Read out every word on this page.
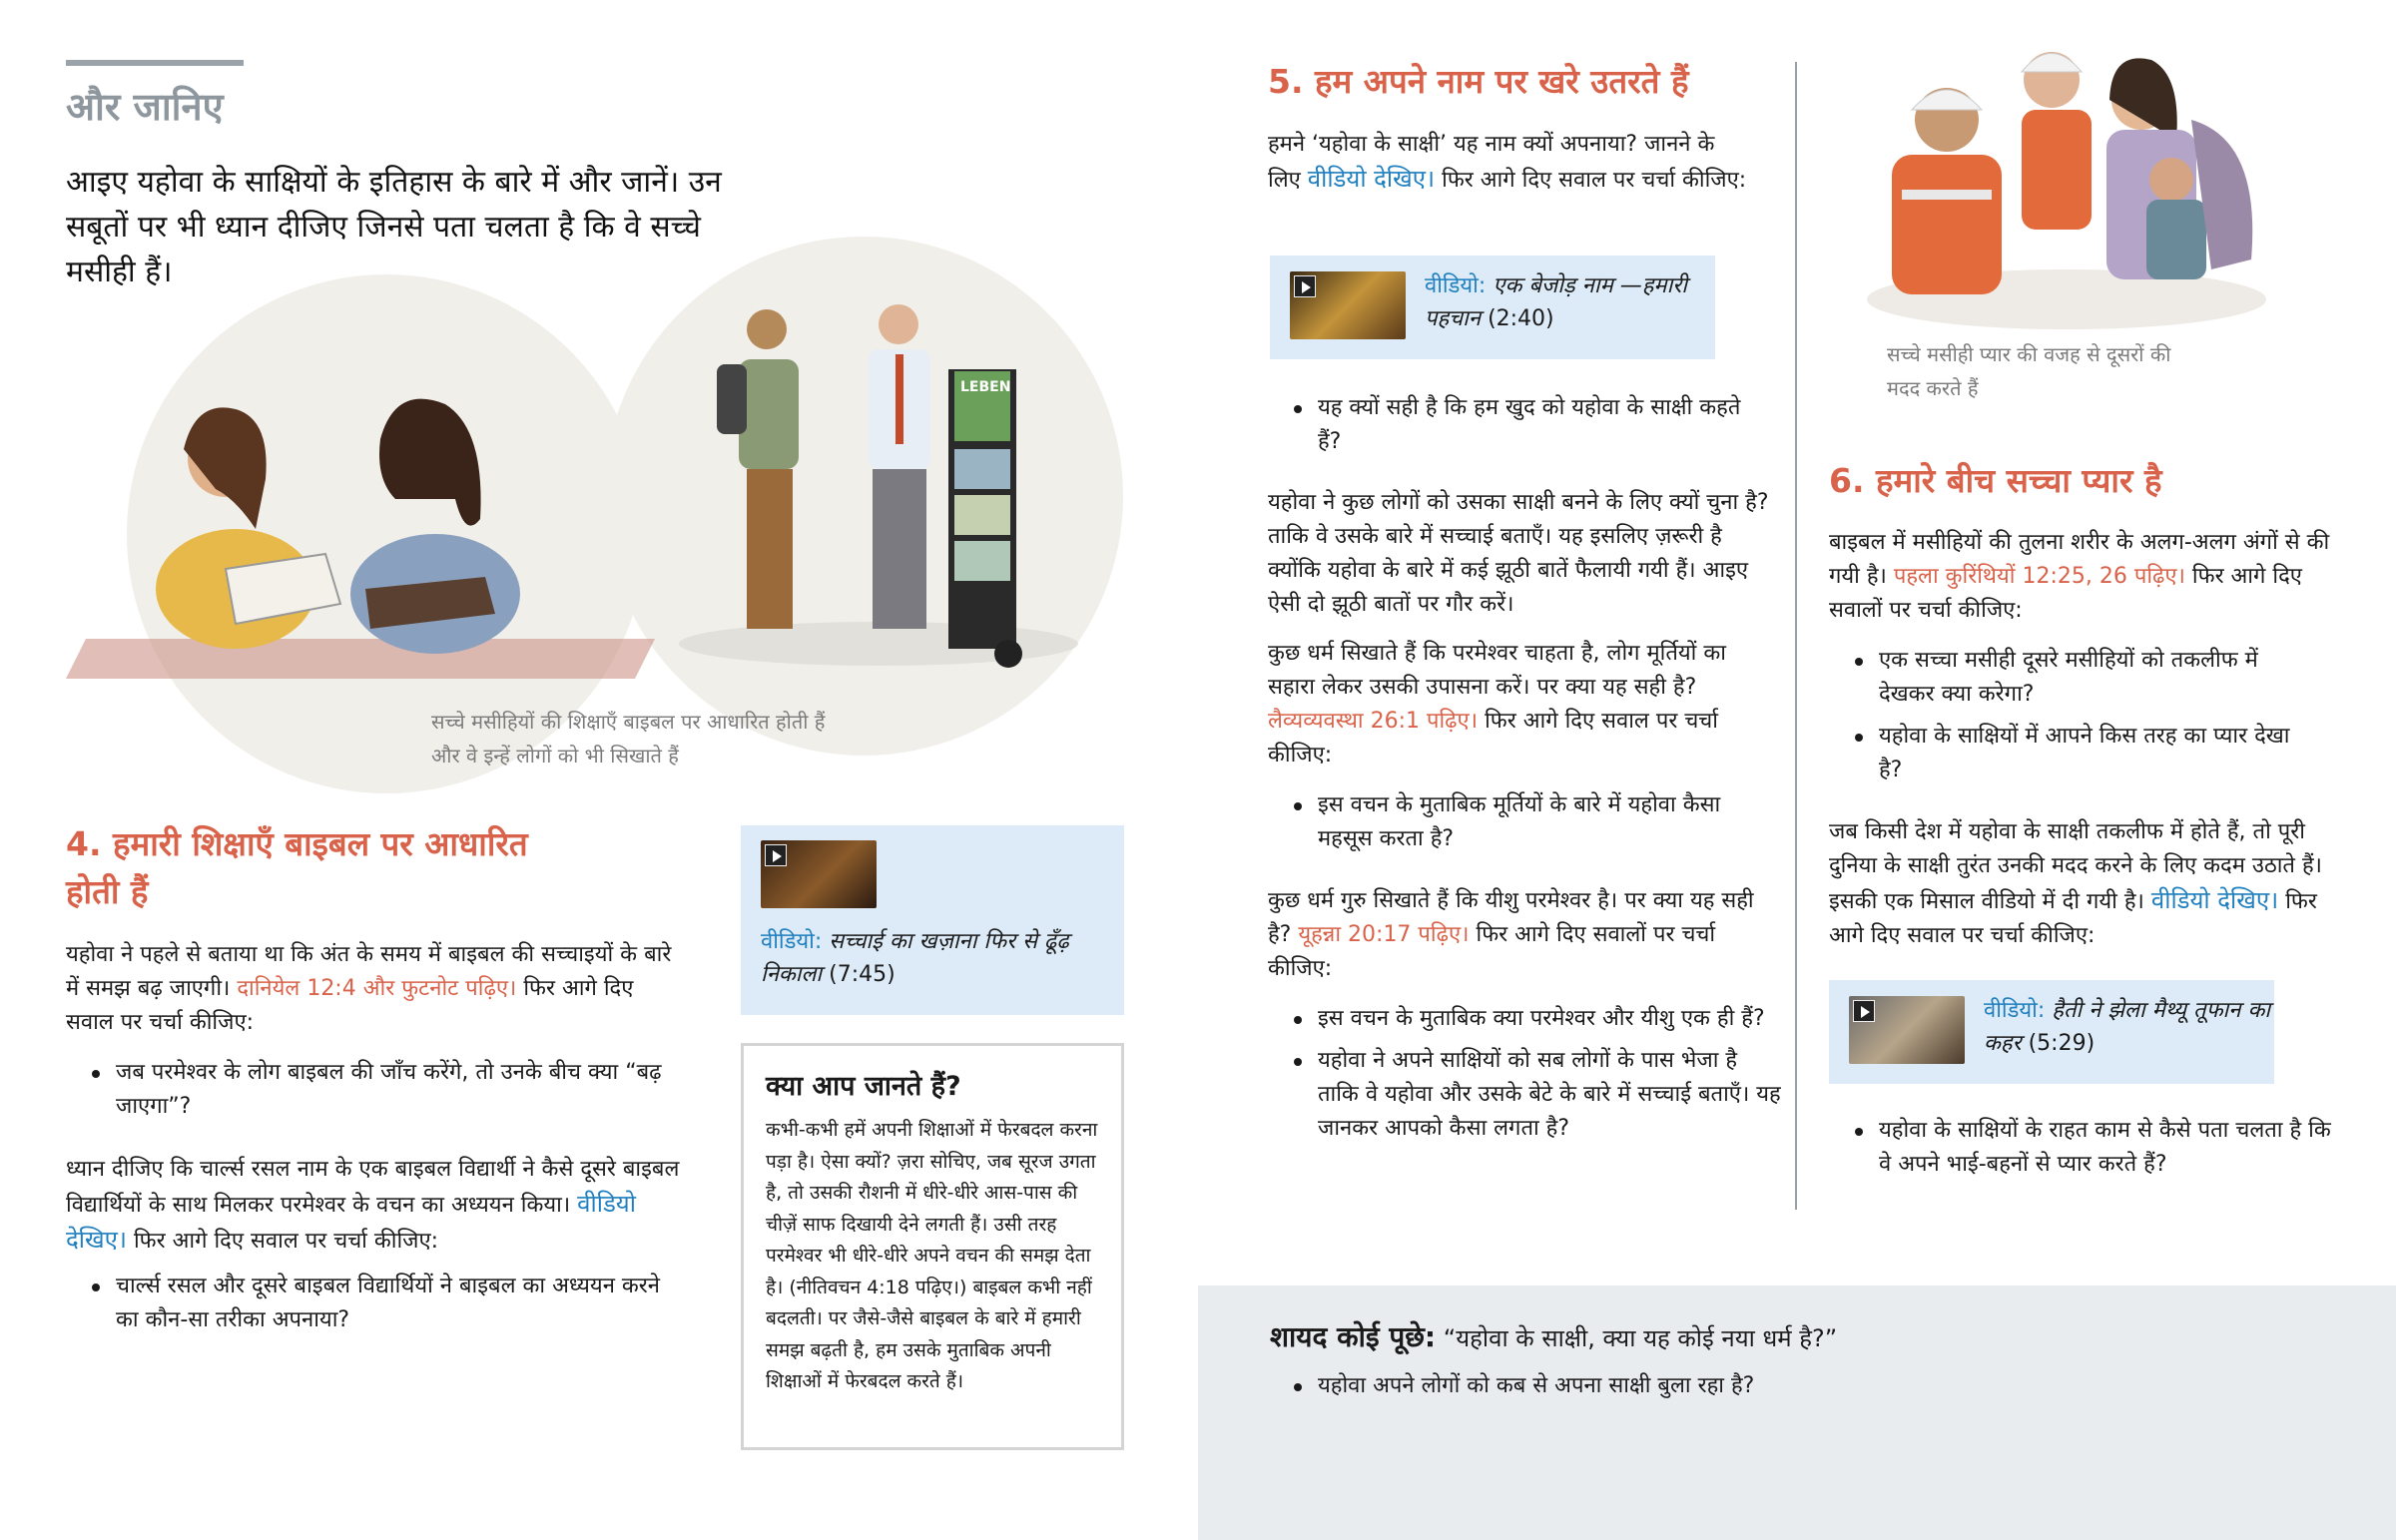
और जानिए
आइए यहोवा के साक्षियों के इतिहास के बारे में और जानें। उन सबूतों पर भी ध्यान दीजिए जिनसे पता चलता है कि वे सच्चे मसीही हैं।
LEBEN
सच्चे मसीहियों की शिक्षाएँ बाइबल पर आधारित होती हैं और वे इन्हें लोगों को भी सिखाते हैं
4. हमारी शिक्षाएँ बाइबल पर आधारित होती हैं

यहोवा ने पहले से बताया था कि अंत के समय में बाइबल की सच्चाइयों के बारे में समझ बढ़ जाएगी। दानियेल 12:4 और फुटनोट पढ़िए। फिर आगे दिए सवाल पर चर्चा कीजिए:

जब परमेश्वर के लोग बाइबल की जाँच करेंगे, तो उनके बीच क्या “बढ़ जाएगा”?

ध्यान दीजिए कि चार्ल्स रसल नाम के एक बाइबल विद्यार्थी ने कैसे दूसरे बाइबल विद्यार्थियों के साथ मिलकर परमेश्वर के वचन का अध्ययन किया। वीडियो देखिए। फिर आगे दिए सवाल पर चर्चा कीजिए:

चार्ल्स रसल और दूसरे बाइबल विद्यार्थियों ने बाइबल का अध्ययन करने का कौन-सा तरीका अपनाया?
वीडियो: सच्चाई का खज़ाना फिर से ढूँढ़ निकाला (7:45)
क्या आप जानते हैं?
कभी-कभी हमें अपनी शिक्षाओं में फेरबदल करना पड़ा है। ऐसा क्यों? ज़रा सोचिए, जब सूरज उगता है, तो उसकी रौशनी में धीरे-धीरे आस-पास की चीज़ें साफ दिखायी देने लगती हैं। उसी तरह परमेश्वर भी धीरे-धीरे अपने वचन की समझ देता है। (नीतिवचन 4:18 पढ़िए।) बाइबल कभी नहीं बदलती। पर जैसे-जैसे बाइबल के बारे में हमारी समझ बढ़ती है, हम उसके मुताबिक अपनी शिक्षाओं में फेरबदल करते हैं।
5. हम अपने नाम पर खरे उतरते हैं

हमने ‘यहोवा के साक्षी’ यह नाम क्यों अपनाया? जानने के लिए वीडियो देखिए। फिर आगे दिए सवाल पर चर्चा कीजिए:

वीडियो: एक बेजोड़ नाम —हमारी पहचान (2:40)
यह क्यों सही है कि हम खुद को यहोवा के साक्षी कहते हैं?

यहोवा ने कुछ लोगों को उसका साक्षी बनने के लिए क्यों चुना है? ताकि वे उसके बारे में सच्चाई बताएँ। यह इसलिए ज़रूरी है क्योंकि यहोवा के बारे में कई झूठी बातें फैलायी गयी हैं। आइए ऐसी दो झूठी बातों पर गौर करें।

कुछ धर्म सिखाते हैं कि परमेश्वर चाहता है, लोग मूर्तियों का सहारा लेकर उसकी उपासना करें। पर क्या यह सही है? लैव्यव्यवस्था 26:1 पढ़िए। फिर आगे दिए सवाल पर चर्चा कीजिए:

इस वचन के मुताबिक मूर्तियों के बारे में यहोवा कैसा महसूस करता है?

कुछ धर्म गुरु सिखाते हैं कि यीशु परमेश्वर है। पर क्या यह सही है? यूहन्ना 20:17 पढ़िए। फिर आगे दिए सवालों पर चर्चा कीजिए:

इस वचन के मुताबिक क्या परमेश्वर और यीशु एक ही हैं?
यहोवा ने अपने साक्षियों को सब लोगों के पास भेजा है ताकि वे यहोवा और उसके बेटे के बारे में सच्चाई बताएँ। यह जानकर आपको कैसा लगता है?
सच्चे मसीही प्यार की वजह से दूसरों की मदद करते हैं
6. हमारे बीच सच्चा प्यार है

बाइबल में मसीहियों की तुलना शरीर के अलग-अलग अंगों से की गयी है। पहला कुरिंथियों 12:25, 26 पढ़िए। फिर आगे दिए सवालों पर चर्चा कीजिए:

एक सच्चा मसीही दूसरे मसीहियों को तकलीफ में देखकर क्या करेगा?
यहोवा के साक्षियों में आपने किस तरह का प्यार देखा है?

जब किसी देश में यहोवा के साक्षी तकलीफ में होते हैं, तो पूरी दुनिया के साक्षी तुरंत उनकी मदद करने के लिए कदम उठाते हैं। इसकी एक मिसाल वीडियो में दी गयी है। वीडियो देखिए। फिर आगे दिए सवाल पर चर्चा कीजिए:

वीडियो: हैती ने झेला मैथ्यू तूफान का कहर (5:29)
यहोवा के साक्षियों के राहत काम से कैसे पता चलता है कि वे अपने भाई-बहनों से प्यार करते हैं?
शायद कोई पूछे: “यहोवा के साक्षी, क्या यह कोई नया धर्म है?”
यहोवा अपने लोगों को कब से अपना साक्षी बुला रहा है?
